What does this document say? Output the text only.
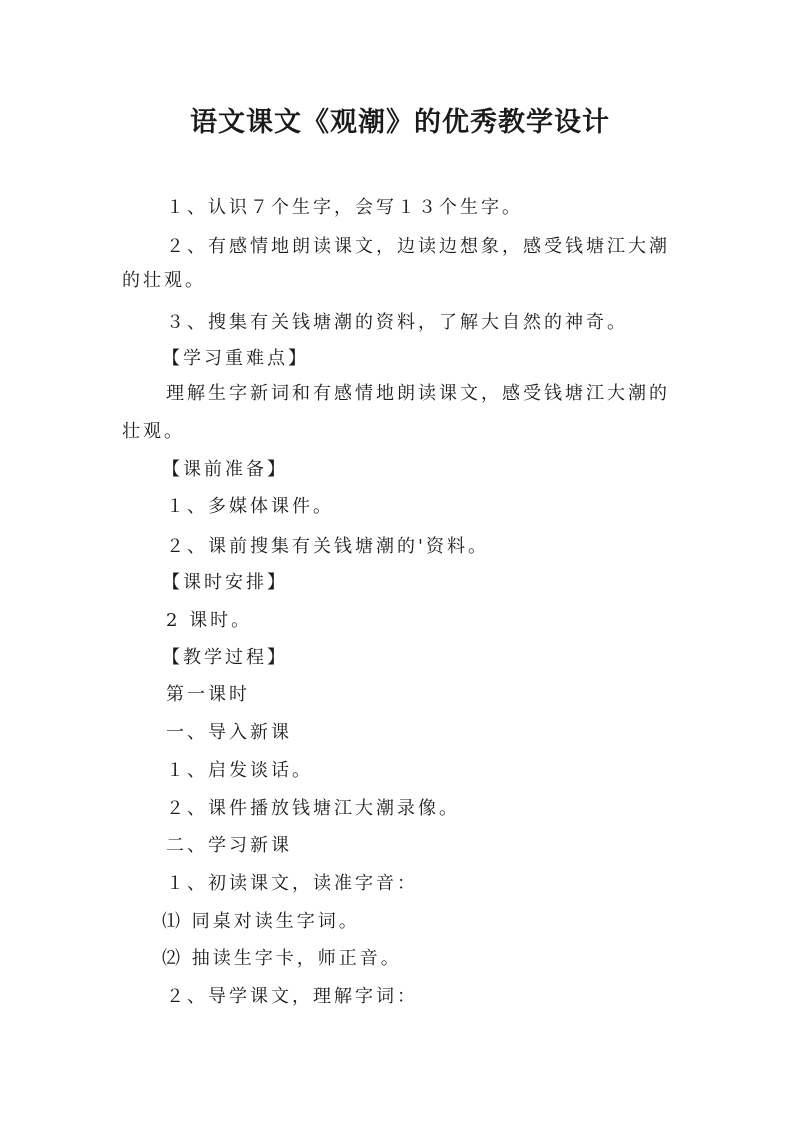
语文课文《观潮》的优秀教学设计
１、认识７个生字，会写１３个生字。
２、有感情地朗读课文，边读边想象，感受钱塘江大潮
的壮观。
３、搜集有关钱塘潮的资料，了解大自然的神奇。
【学习重难点】
理解生字新词和有感情地朗读课文，感受钱塘江大潮的
壮观。
【课前准备】
１、多媒体课件。
２、课前搜集有关钱塘潮的'资料。
【课时安排】
2 课时。
【教学过程】
第一课时
一、导入新课
１、启发谈话。
２、课件播放钱塘江大潮录像。
二、学习新课
１、初读课文，读准字音：
⑴ 同桌对读生字词。
⑵ 抽读生字卡，师正音。
２、导学课文，理解字词：
